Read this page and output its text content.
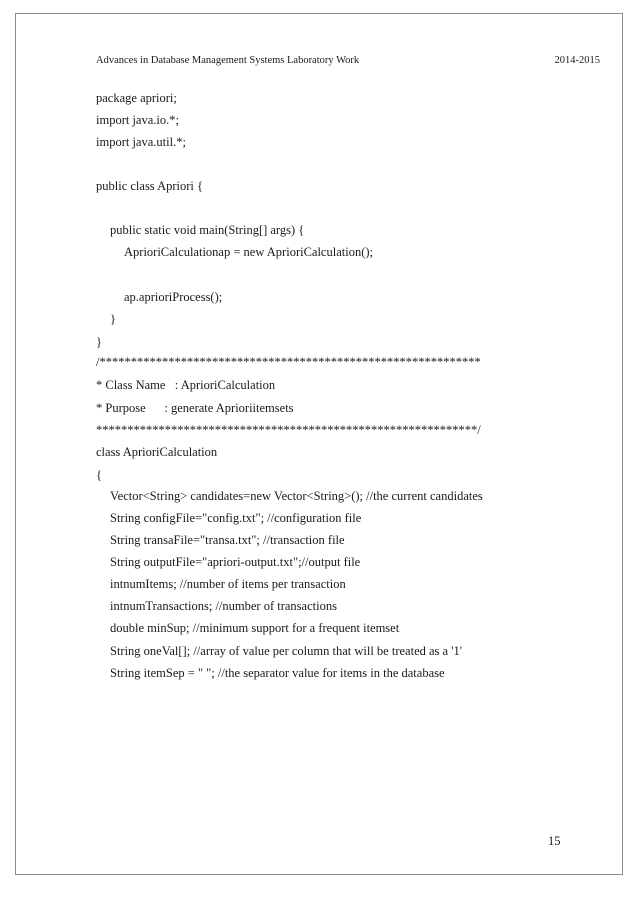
Advances in Database Management Systems Laboratory Work	2014-2015
package apriori;
import java.io.*;
import java.util.*;
public class Apriori {
public static void main(String[] args) {
AprioriCalculationap = new AprioriCalculation();
ap.aprioriProcess();
}
}
/*************************************************************
* Class Name   : AprioriCalculation
* Purpose      : generate Aprioriitemsets
*************************************************************/
class AprioriCalculation
{
Vector<String> candidates=new Vector<String>(); //the current candidates
String configFile="config.txt"; //configuration file
String transaFile="transa.txt"; //transaction file
String outputFile="apriori-output.txt";//output file
intnumItems; //number of items per transaction
intnumTransactions; //number of transactions
double minSup; //minimum support for a frequent itemset
String oneVal[]; //array of value per column that will be treated as a '1'
String itemSep = " "; //the separator value for items in the database
15
